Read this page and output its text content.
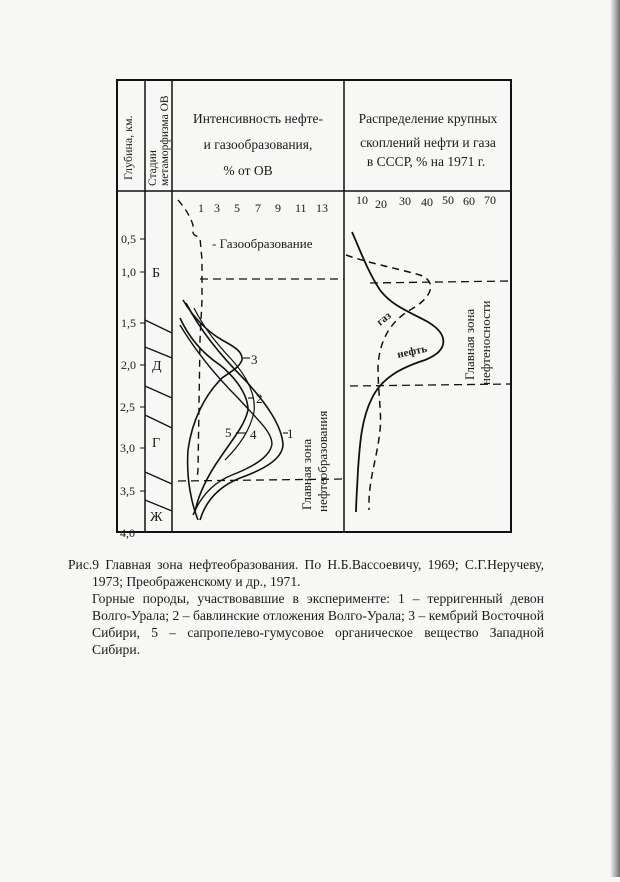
Глубина, км. Стадии метаморфизма ОВ Интенсивность нефте-
и газообразования,
% от ОВ
Распределение крупных
скоплений нефти и газа
в СССР, % на 1971 г.
0,5
1,0
1,5
2,0
2,5
3,0
3,5
4,0
Б
Д
Г
Ж
1 3 5 7 9 11 13
10 20 30 40 50 60 70
- Газообразование
3
2
1
5 4
Главная зона нефтеобразования
газ
нефть	Главная зона нефтеносности

Рис.9 Главная зона нефтеобразования. По Н.Б.Вассоевичу, 1969; С.Г.Неручеву, 1973; Преображенскому и др., 1971.

Горные породы, участвовавшие в эксперименте: 1 – терригенный девон Волго-Урала; 2 – бавлинские отложения Волго-Урала; 3 – кембрий Восточной Сибири, 5 – сапропелево-гумусовое органическое вещество Западной Сибири.
